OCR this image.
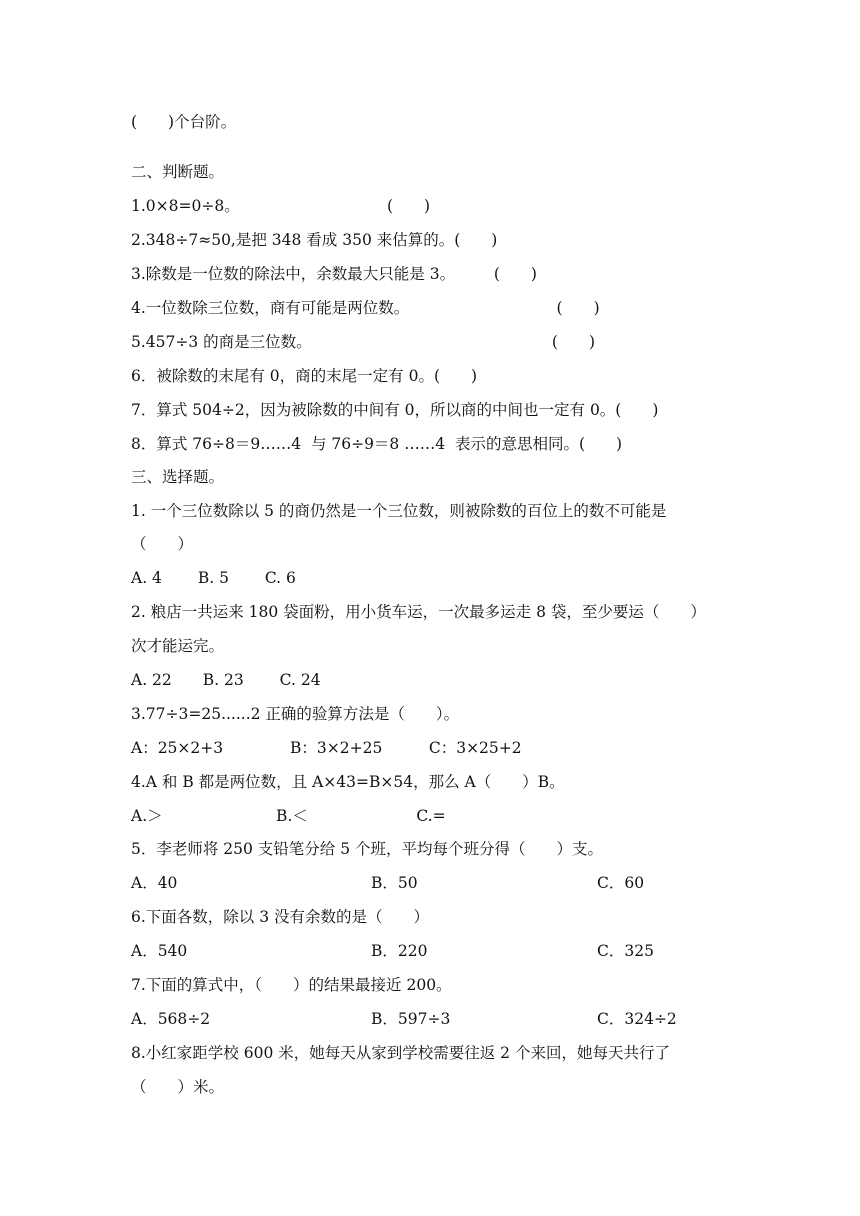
(　　)个台阶。
二、判断题。
1.0×8=0÷8。　　　　　　　　　　(　　)
2.348÷7≈50,是把 348 看成 350 来估算的。(　　)
3.除数是一位数的除法中，余数最大只能是 3。　　　(　　)
4.一位数除三位数，商有可能是两位数。　　　　　　　　　　(　　)
5.457÷3 的商是三位数。　　　　　　　　　　　　　　　　(　　)
6．被除数的末尾有 0，商的末尾一定有 0。(　　)
7．算式 504÷2，因为被除数的中间有 0，所以商的中间也一定有 0。(　　)
8．算式 76÷8＝9……4  与 76÷9＝8 ……4  表示的意思相同。(　　)
三、选择题。
1. 一个三位数除以 5 的商仍然是一个三位数，则被除数的百位上的数不可能是
（　　）
A. 4　　 B. 5　　 C. 6
2. 粮店一共运来 180 袋面粉，用小货车运，一次最多运走 8 袋，至少要运（　　）
次才能运完。
A. 22　　B. 23　　 C. 24
3.77÷3=25......2 正确的验算方法是（　　）。
A：25×2+3　　　　 B：3×2+25　　　C：3×25+2
4.A 和 B 都是两位数，且 A×43=B×54，那么 A（　　）B。
A.＞　　　　　　　 B.＜　　　　　　　C.=
5．李老师将 250 支铅笔分给 5 个班，平均每个班分得（　　）支。
A．40	B．50	C．60
6.下面各数，除以 3 没有余数的是（　　）
A．540	B．220	C．325
7.下面的算式中，（　　）的结果最接近 200。
A．568÷2	B．597÷3	C．324÷2
8.小红家距学校 600 米，她每天从家到学校需要往返 2 个来回，她每天共行了
（　　）米。
